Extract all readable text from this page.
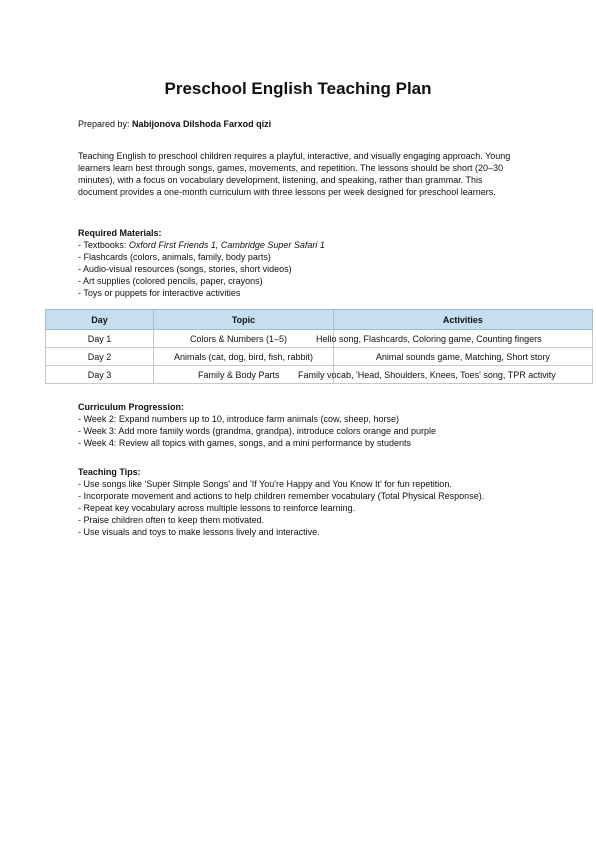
Preschool English Teaching Plan
Prepared by: Nabijonova Dilshoda Farxod qizi
Teaching English to preschool children requires a playful, interactive, and visually engaging approach. Young learners learn best through songs, games, movements, and repetition. The lessons should be short (20–30 minutes), with a focus on vocabulary development, listening, and speaking, rather than grammar. This document provides a one-month curriculum with three lessons per week designed for preschool learners.
Required Materials:
- Textbooks: Oxford First Friends 1, Cambridge Super Safari 1
- Flashcards (colors, animals, family, body parts)
- Audio-visual resources (songs, stories, short videos)
- Art supplies (colored pencils, paper, crayons)
- Toys or puppets for interactive activities
Day	Topic	Activities
Day 1	Colors & Numbers (1–5)	Hello song, Flashcards, Coloring game, Counting fingers
Day 2	Animals (cat, dog, bird, fish, rabbit)	Animal sounds game, Matching, Short story
Day 3	Family & Body Parts	Family vocab, 'Head, Shoulders, Knees, Toes' song, TPR activity
Curriculum Progression:
- Week 2: Expand numbers up to 10, introduce farm animals (cow, sheep, horse)
- Week 3: Add more family words (grandma, grandpa), introduce colors orange and purple
- Week 4: Review all topics with games, songs, and a mini performance by students
Teaching Tips:
- Use songs like 'Super Simple Songs' and 'If You're Happy and You Know It' for fun repetition.
- Incorporate movement and actions to help children remember vocabulary (Total Physical Response).
- Repeat key vocabulary across multiple lessons to reinforce learning.
- Praise children often to keep them motivated.
- Use visuals and toys to make lessons lively and interactive.
